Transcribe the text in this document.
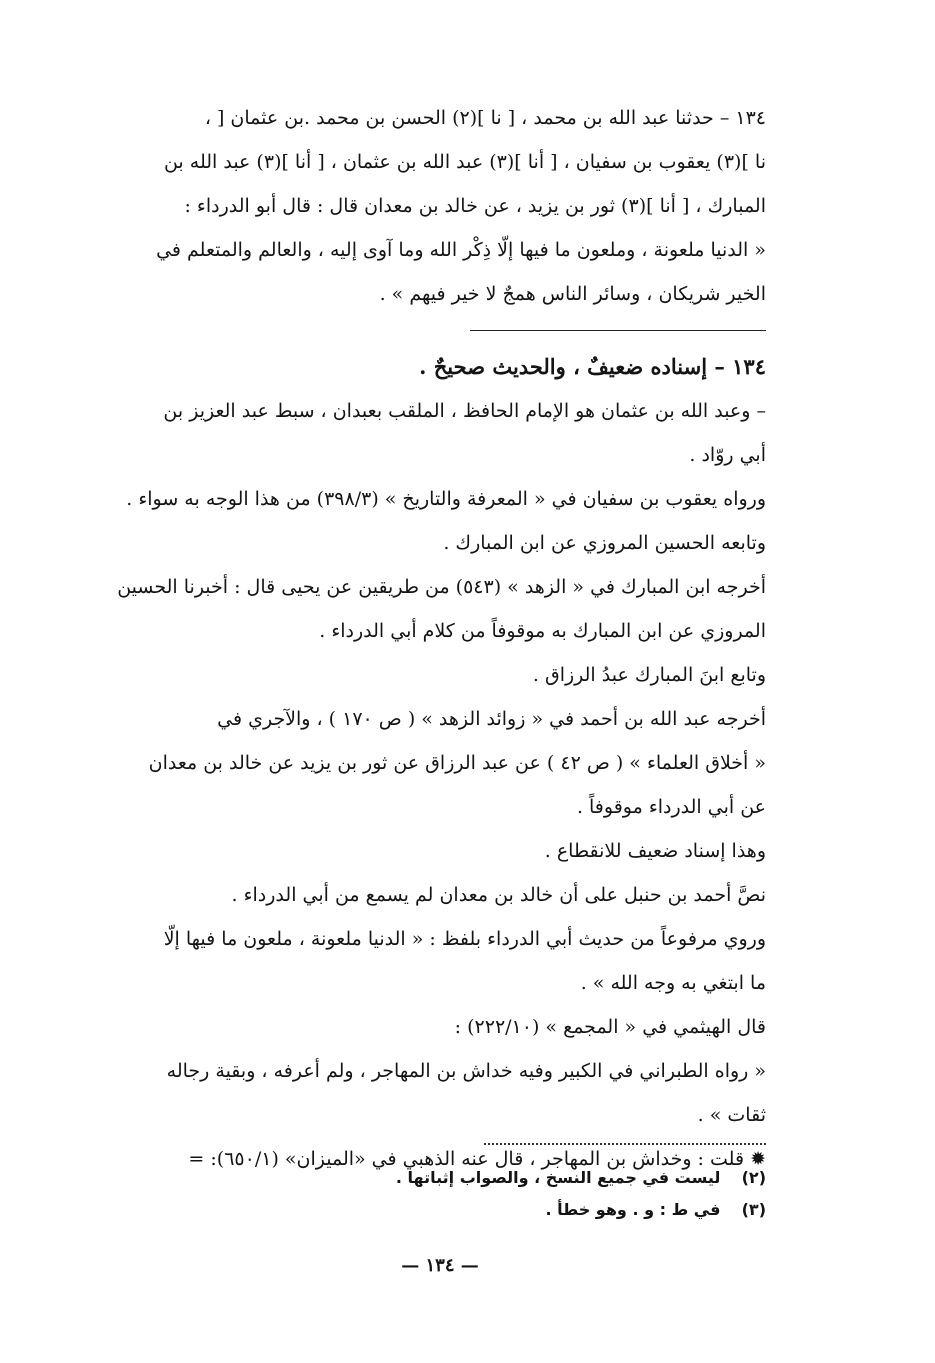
١٣٤ – حدثنا عبد الله بن محمد ، [ نا ](٢) الحسن بن محمد .بن عثمان [ ،
نا ](٣) يعقوب بن سفيان ، [ أنا ](٣) عبد الله بن عثمان ، [ أنا ](٣) عبد الله بن
المبارك ، [ أنا ](٣) ثور بن يزيد ، عن خالد بن معدان قال : قال أبو الدرداء :
« الدنيا ملعونة ، وملعون ما فيها إلّا ذِكْر الله وما آوى إليه ، والعالم والمتعلم في
الخير شريكان ، وسائر الناس همجٌ لا خير فيهم » .
١٣٤ – إسناده ضعيفٌ ، والحديث صحيحٌ .
– وعبد الله بن عثمان هو الإمام الحافظ ، الملقب بعبدان ، سبط عبد العزيز بن
أبي روّاد .
ورواه يعقوب بن سفيان في « المعرفة والتاريخ » (٣٩٨/٣) من هذا الوجه به سواء .
وتابعه الحسين المروزي عن ابن المبارك .
أخرجه ابن المبارك في « الزهد » (٥٤٣) من طريقين عن يحيى قال : أخبرنا الحسين
المروزي عن ابن المبارك به موقوفاً من كلام أبي الدرداء .
وتابع ابنَ المبارك عبدُ الرزاق .
أخرجه عبد الله بن أحمد في « زوائد الزهد » ( ص ١٧٠ ) ، والآجري في
« أخلاق العلماء » ( ص ٤٢ ) عن عبد الرزاق عن ثور بن يزيد عن خالد بن معدان
عن أبي الدرداء موقوفاً .
وهذا إسناد ضعيف للانقطاع .
نصَّ أحمد بن حنبل على أن خالد بن معدان لم يسمع من أبي الدرداء .
وروي مرفوعاً من حديث أبي الدرداء بلفظ : « الدنيا ملعونة ، ملعون ما فيها إلّا
ما ابتغي به وجه الله » .
قال الهيثمي في « المجمع » (٢٢٢/١٠) :
« رواه الطبراني في الكبير وفيه خداش بن المهاجر ، ولم أعرفه ، وبقية رجاله
ثقات » .
✹ قلت : وخداش بن المهاجر ، قال عنه الذهبي في «الميزان» (٦٥٠/١): =
(٢) ليست في جميع النسخ ، والصواب إثباتها .
(٣) في ط : و . وهو خطأ .
— ١٣٤ —
